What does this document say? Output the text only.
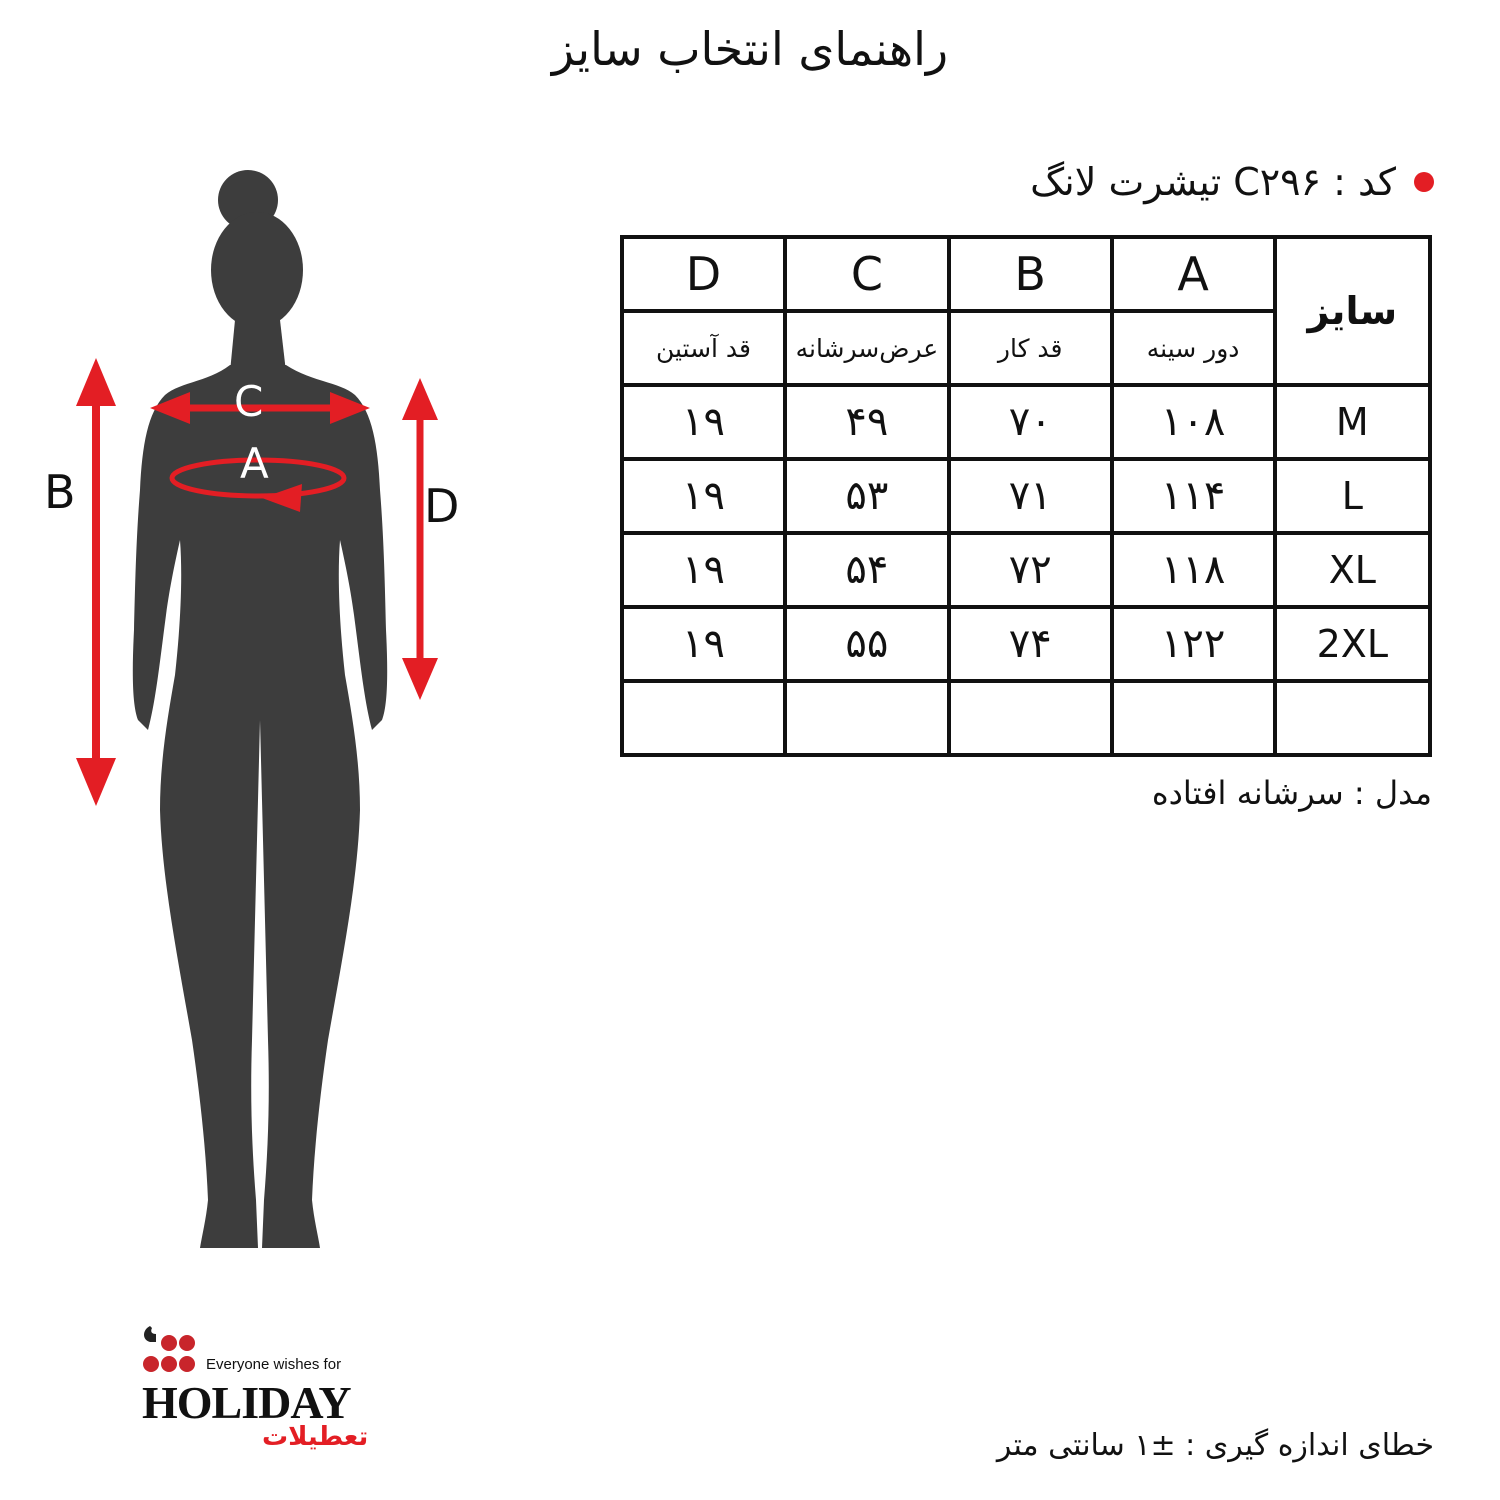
راهنمای انتخاب سایز
کد : C۲۹۶ تیشرت لانگ
D	C	B	A	سایز
قد آستین	عرض‌سرشانه	قد کار	دور سینه	
۱۹	۴۹	۷۰	۱۰۸	M
۱۹	۵۳	۷۱	۱۱۴	L
۱۹	۵۴	۷۲	۱۱۸	XL
۱۹	۵۵	۷۴	۱۲۲	2XL

مدل : سرشانه افتاده
B	D
C
A
Everyone wishes for
HOLIDAY
تعطیلات	خطای اندازه گیری : ±۱ سانتی متر
